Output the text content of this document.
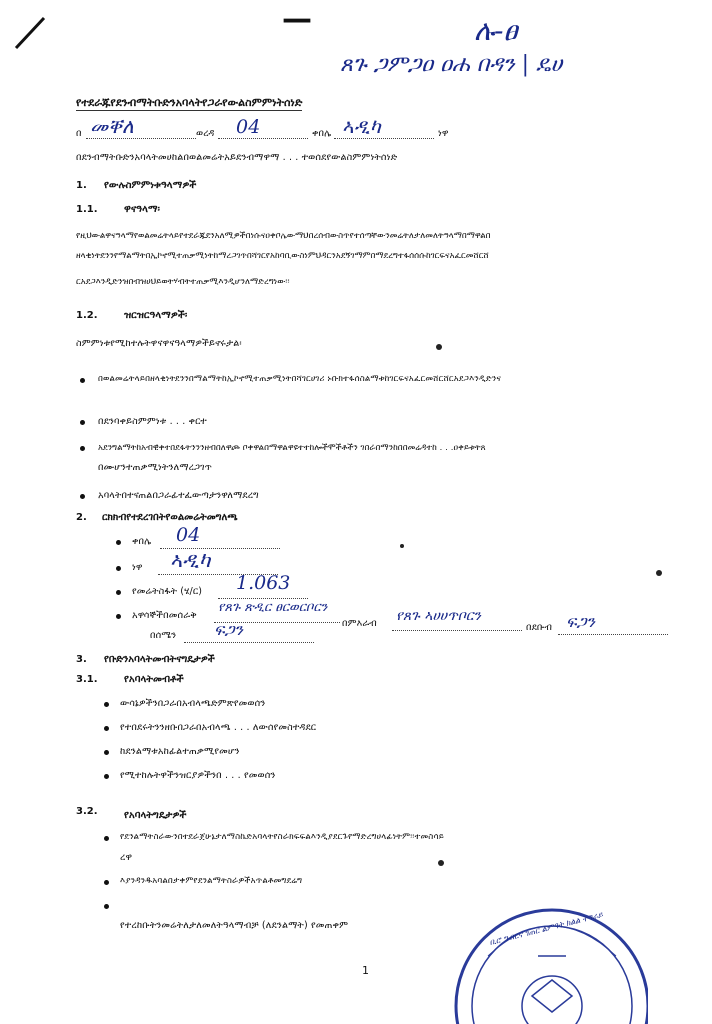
—	ሉ-ፀ
ጸጉ ጋምጋዐ ዐሐ በዳን | ዴሀ
የተደራጁየደንብማትቡድንአባላትየጋራየውልስምምነትሰነድ
በ መቐለ	ወረዳ 04	ቀበሌ ኣዲካ	ነዋ
በደንብማትቡድንአባላትመሀከልበወልመሬትአይደንብማዋማ . . . ተወሰደየውልስምምነትሰነድ
1. የውሉስምምነቱዓላማዎች
1.1.	ዋናዓላማ፡
የዚህውልዋናዓላማየወልመሬትላይየተደራጁደንአለሚዎችበነሱናዐቀቦሌውማህበረሰብውስጥየተሰጣቸውንመሬትለታለመለትዓላማበማዋልበ
ዘላቂነትደንንየማልማትበኢኮኖሚተጠቃሚነትከማረጋገጥበሻገርየአከባቢውስነምህዳርንአደኝገማምበማደረግተፋሰሰሱከገርፍናአፈርመሸርሸ
ርአደጋእንዲድንዝበብዝሀህይወትሃብትተጠቃሚእንዲሆንለማድረግነው፡፡
1.2.	ዝርዝርዓላማዎች፡
ስምምነቱየሚከተሉትዋናዋናዓላማዎችይኖሩታል፡
በወልመሬትላይበዘላቂነትደንንበማልማትከኢኮኖሚተጠቃሚነትበሻገርሀገሪ ኑቡክተፋሰስልማቱከገርፍናአፈርመሸርሸርአደጋእንዲድንና
በደንባቀይስምምነቱ . . . ቀርተ
አደንግልማትከአብዊቀተበደፋትንንንዘብበለዋጮ ቦቀዋልበማዋልዋዩተተከሎችሞችቶችን ገበራበማንከበበመሬዳተከ . . .ዐቀይቱትጸ
በሙሆንተጠቃሚነትንለማረጋገጥ
አባላትበተናጠልበጋራፊተፈውጣታንዋለማደረግ
2. ርክክብየተደረገበትየወልመሬትመግለጫ
ቀበሌ 04
ነዋ ኣዲካ
የመሬትስፋት (ሄ/ር) 1.063
አዋሳኞችበመሰራቅ
የጸጉ ጽዲር ፀርወርቦርን
በምእራብ የጸጉ ኣሀሀጥቦርን
በደቡብ ፍጋን
በሰሜን ፍጋን
3. የቡድንአባላትመብትናግዴታዎች
3.1.	የአባላትመብቶች
ውሳኔዎችንበጋራበአብላጫድምጽየመወሰን
የተበደሩትንንዘቡበጋራበአብላጫ . . . ለውሰየመስተዳደር
ከደንልማቱአከፊልተጠቃሚየመሆን
የሚተከሉትዋችንዝርያዎችንበ . . . የመወሰን
3.2.	የአባላትግዴታዎች
የደንልማትስራውንበተደራጀሁኔታለማስኬድአባላትየስራክፍፍልእንዲያደርጉየማድረግሀላፊነትም፡፡ተመስሳይ
ረዋ
እያንዳንዱአባልበታቀምየደንልማትስራዎችአጥልቶመግደሬግ
የተረከቡትንመሬትለታለመለትዓላማብቻ (ለደንልማት) የመጠቀም
1
ቢሮ ግብርና ገጠር ልምዓት ክልል ትግራይ
